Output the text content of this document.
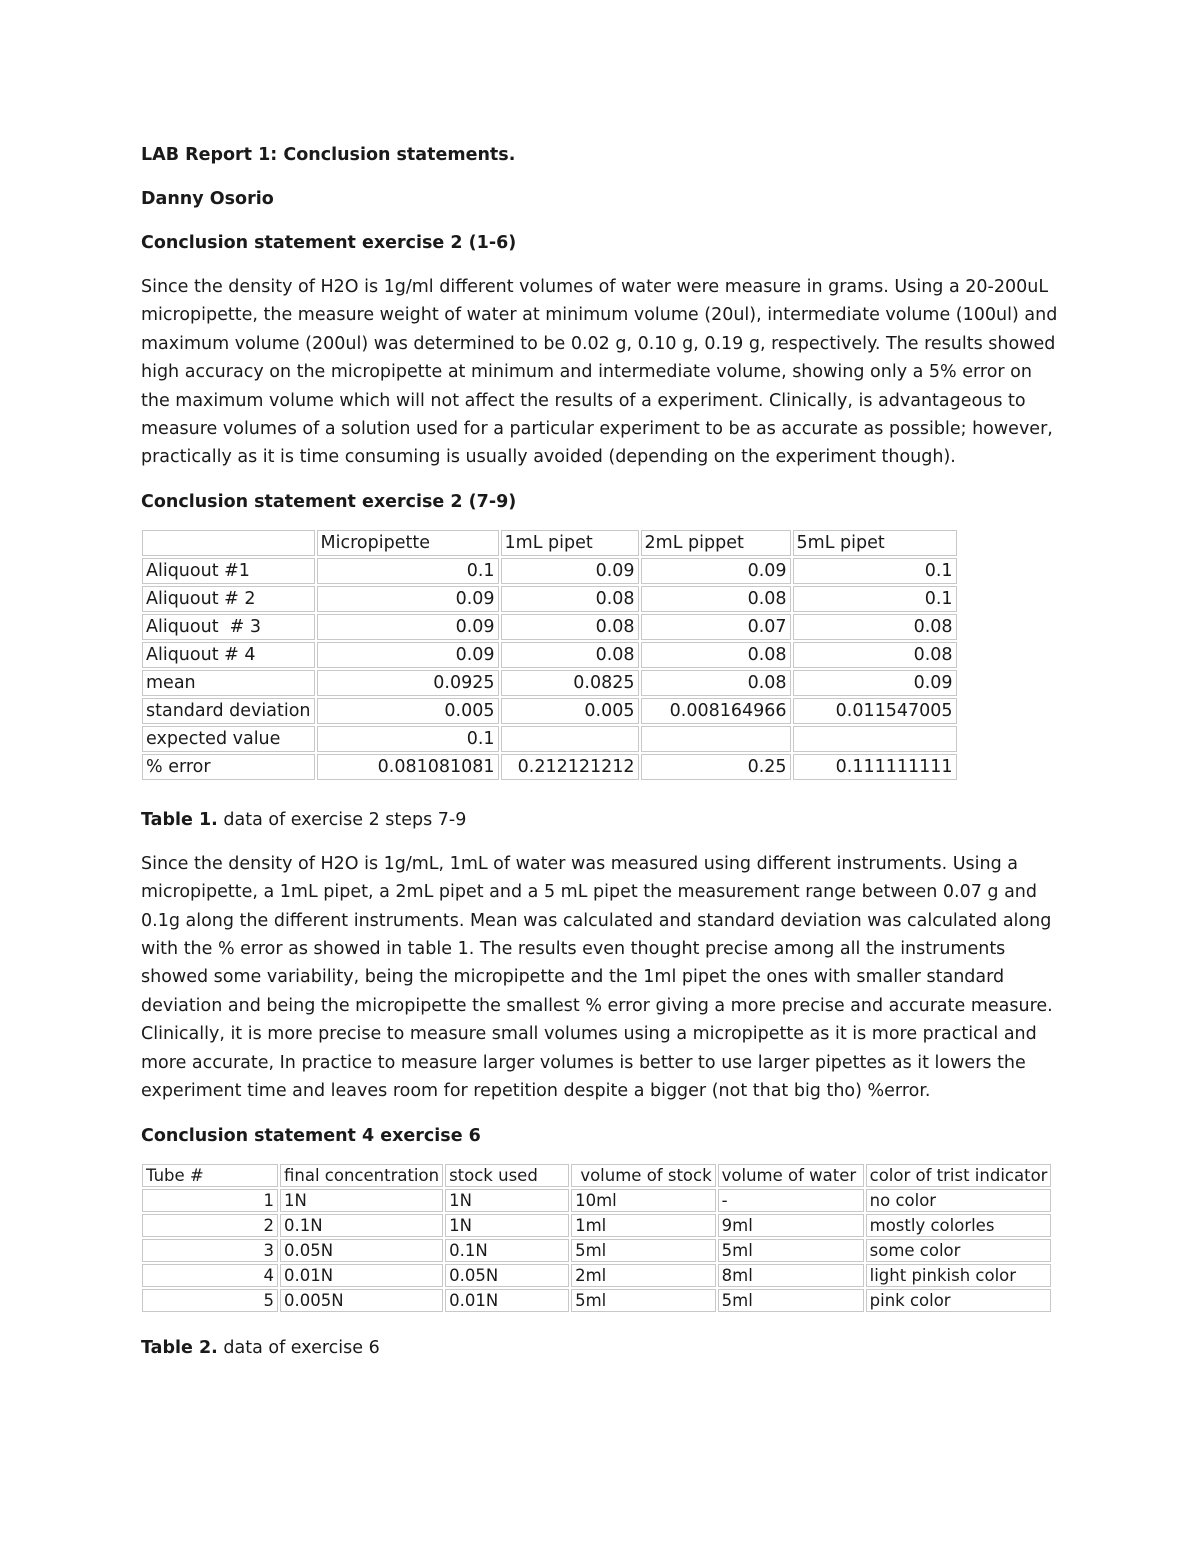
LAB Report 1: Conclusion statements.

Danny Osorio

Conclusion statement exercise 2 (1-6)

Since the density of H2O is 1g/ml different volumes of water were measure in grams. Using a 20-200uL micropipette, the measure weight of water at minimum volume (20ul), intermediate volume (100ul) and maximum volume (200ul) was determined to be 0.02 g, 0.10 g, 0.19 g, respectively. The results showed high accuracy on the micropipette at minimum and intermediate volume, showing only a 5% error on the maximum volume which will not affect the results of a experiment. Clinically, is advantageous to measure volumes of a solution used for a particular experiment to be as accurate as possible; however, practically as it is time consuming is usually avoided (depending on the experiment though).

Conclusion statement exercise 2 (7-9)

	Micropipette	1mL pipet	2mL pippet	5mL pipet
Aliquout #1	0.1	0.09	0.09	0.1
Aliquout # 2	0.09	0.08	0.08	0.1
Aliquout  # 3	0.09	0.08	0.07	0.08
Aliquout # 4	0.09	0.08	0.08	0.08
mean	0.0925	0.0825	0.08	0.09
standard deviation	0.005	0.005	0.008164966	0.011547005
expected value	0.1			
% error	0.081081081	0.212121212	0.25	0.111111111

Table 1. data of exercise 2 steps 7-9

Since the density of H2O is 1g/mL, 1mL of water was measured using different instruments. Using a micropipette, a 1mL pipet, a 2mL pipet and a 5 mL pipet the measurement range between 0.07 g and 0.1g along the different instruments. Mean was calculated and standard deviation was calculated along with the % error as showed in table 1. The results even thought precise among all the instruments showed some variability, being the micropipette and the 1ml pipet the ones with smaller standard deviation and being the micropipette the smallest % error giving a more precise and accurate measure. Clinically, it is more precise to measure small volumes using a micropipette as it is more practical and more accurate, In practice to measure larger volumes is better to use larger pipettes as it lowers the experiment time and leaves room for repetition despite a bigger (not that big tho) %error.

Conclusion statement 4 exercise 6

Tube #	final concentration	stock used	volume of stock	volume of water	color of trist indicator
1	1N	1N	10ml	-	no color
2	0.1N	1N	1ml	9ml	mostly colorles
3	0.05N	0.1N	5ml	5ml	some color
4	0.01N	0.05N	2ml	8ml	light pinkish color
5	0.005N	0.01N	5ml	5ml	pink color

Table 2. data of exercise 6
